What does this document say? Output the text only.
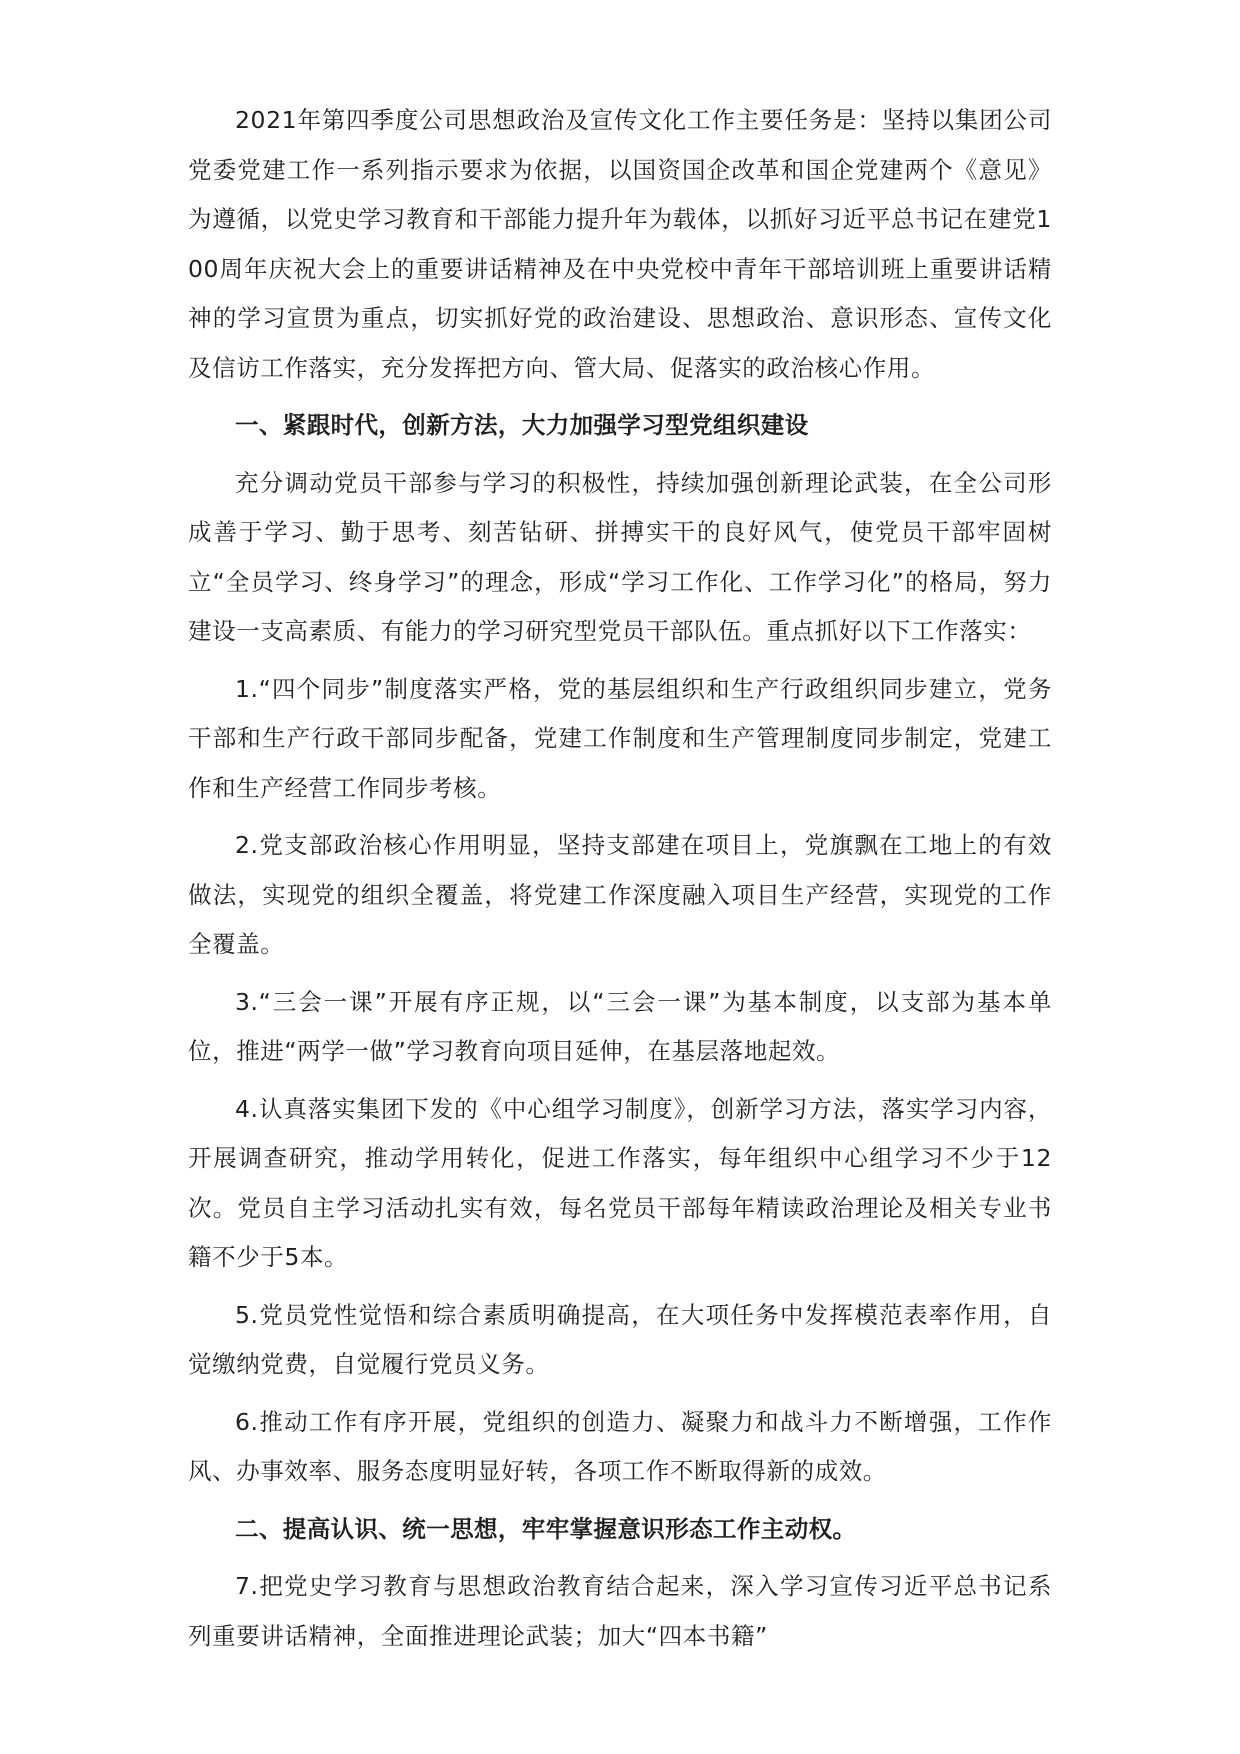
2021年第四季度公司思想政治及宣传文化工作主要任务是：坚持以集团公司党委党建工作一系列指示要求为依据，以国资国企改革和国企党建两个《意见》为遵循，以党史学习教育和干部能力提升年为载体，以抓好习近平总书记在建党100周年庆祝大会上的重要讲话精神及在中央党校中青年干部培训班上重要讲话精神的学习宣贯为重点，切实抓好党的政治建设、思想政治、意识形态、宣传文化及信访工作落实，充分发挥把方向、管大局、促落实的政治核心作用。

一、紧跟时代，创新方法，大力加强学习型党组织建设

充分调动党员干部参与学习的积极性，持续加强创新理论武装，在全公司形成善于学习、勤于思考、刻苦钻研、拼搏实干的良好风气，使党员干部牢固树立“全员学习、终身学习”的理念，形成“学习工作化、工作学习化”的格局，努力建设一支高素质、有能力的学习研究型党员干部队伍。重点抓好以下工作落实：

1.“四个同步”制度落实严格，党的基层组织和生产行政组织同步建立，党务干部和生产行政干部同步配备，党建工作制度和生产管理制度同步制定，党建工作和生产经营工作同步考核。

2.党支部政治核心作用明显，坚持支部建在项目上，党旗飘在工地上的有效做法，实现党的组织全覆盖，将党建工作深度融入项目生产经营，实现党的工作全覆盖。

3.“三会一课”开展有序正规，以“三会一课”为基本制度，以支部为基本单位，推进“两学一做”学习教育向项目延伸，在基层落地起效。

4.认真落实集团下发的《中心组学习制度》，创新学习方法，落实学习内容，开展调查研究，推动学用转化，促进工作落实，每年组织中心组学习不少于12次。党员自主学习活动扎实有效，每名党员干部每年精读政治理论及相关专业书籍不少于5本。

5.党员党性觉悟和综合素质明确提高，在大项任务中发挥模范表率作用，自觉缴纳党费，自觉履行党员义务。

6.推动工作有序开展，党组织的创造力、凝聚力和战斗力不断增强，工作作风、办事效率、服务态度明显好转，各项工作不断取得新的成效。

二、提高认识、统一思想，牢牢掌握意识形态工作主动权。

7.把党史学习教育与思想政治教育结合起来，深入学习宣传习近平总书记系列重要讲话精神，全面推进理论武装；加大“四本书籍”
